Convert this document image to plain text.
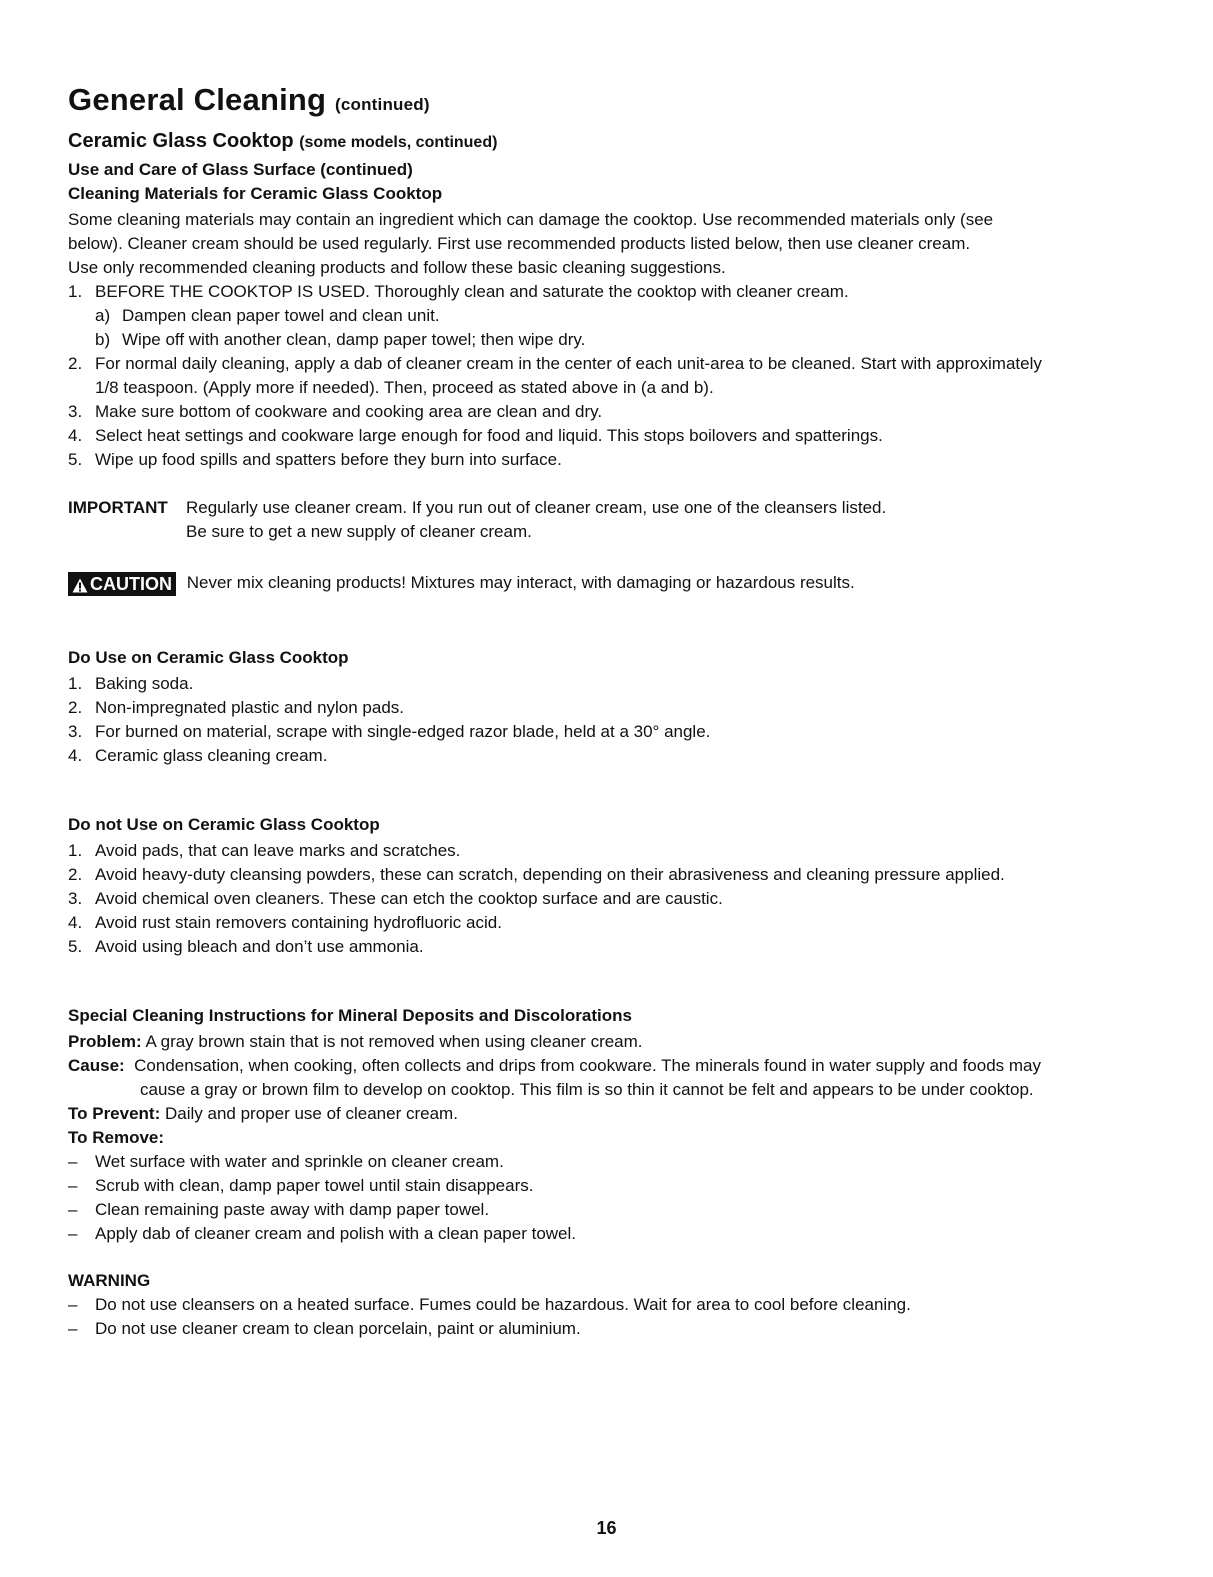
General Cleaning (continued)
Ceramic Glass Cooktop (some models, continued)
Use and Care of Glass Surface (continued)
Cleaning Materials for Ceramic Glass Cooktop
Some cleaning materials may contain an ingredient which can damage the cooktop. Use recommended materials only (see
below). Cleaner cream should be used regularly. First use recommended products listed below, then use cleaner cream.
Use only recommended cleaning products and follow these basic cleaning suggestions.
1. BEFORE THE COOKTOP IS USED. Thoroughly clean and saturate the cooktop with cleaner cream.
a) Dampen clean paper towel and clean unit.
b) Wipe off with another clean, damp paper towel; then wipe dry.
2. For normal daily cleaning, apply a dab of cleaner cream in the center of each unit-area to be cleaned. Start with approximately
1/8 teaspoon. (Apply more if needed). Then, proceed as stated above in (a and b).
3. Make sure bottom of cookware and cooking area are clean and dry.
4. Select heat settings and cookware large enough for food and liquid. This stops boilovers and spatterings.
5. Wipe up food spills and spatters before they burn into surface.
IMPORTANT Regularly use cleaner cream. If you run out of cleaner cream, use one of the cleansers listed.
Be sure to get a new supply of cleaner cream.
CAUTION Never mix cleaning products! Mixtures may interact, with damaging or hazardous results.
Do Use on Ceramic Glass Cooktop
1. Baking soda.
2. Non-impregnated plastic and nylon pads.
3. For burned on material, scrape with single-edged razor blade, held at a 30° angle.
4. Ceramic glass cleaning cream.
Do not Use on Ceramic Glass Cooktop
1. Avoid pads, that can leave marks and scratches.
2. Avoid heavy-duty cleansing powders, these can scratch, depending on their abrasiveness and cleaning pressure applied.
3. Avoid chemical oven cleaners. These can etch the cooktop surface and are caustic.
4. Avoid rust stain removers containing hydrofluoric acid.
5. Avoid using bleach and don’t use ammonia.
Special Cleaning Instructions for Mineral Deposits and Discolorations
Problem: A gray brown stain that is not removed when using cleaner cream.
Cause: Condensation, when cooking, often collects and drips from cookware. The minerals found in water supply and foods may
cause a gray or brown film to develop on cooktop. This film is so thin it cannot be felt and appears to be under cooktop.
To Prevent: Daily and proper use of cleaner cream.
To Remove:
– Wet surface with water and sprinkle on cleaner cream.
– Scrub with clean, damp paper towel until stain disappears.
– Clean remaining paste away with damp paper towel.
– Apply dab of cleaner cream and polish with a clean paper towel.
WARNING
– Do not use cleansers on a heated surface. Fumes could be hazardous. Wait for area to cool before cleaning.
– Do not use cleaner cream to clean porcelain, paint or aluminium.
16
